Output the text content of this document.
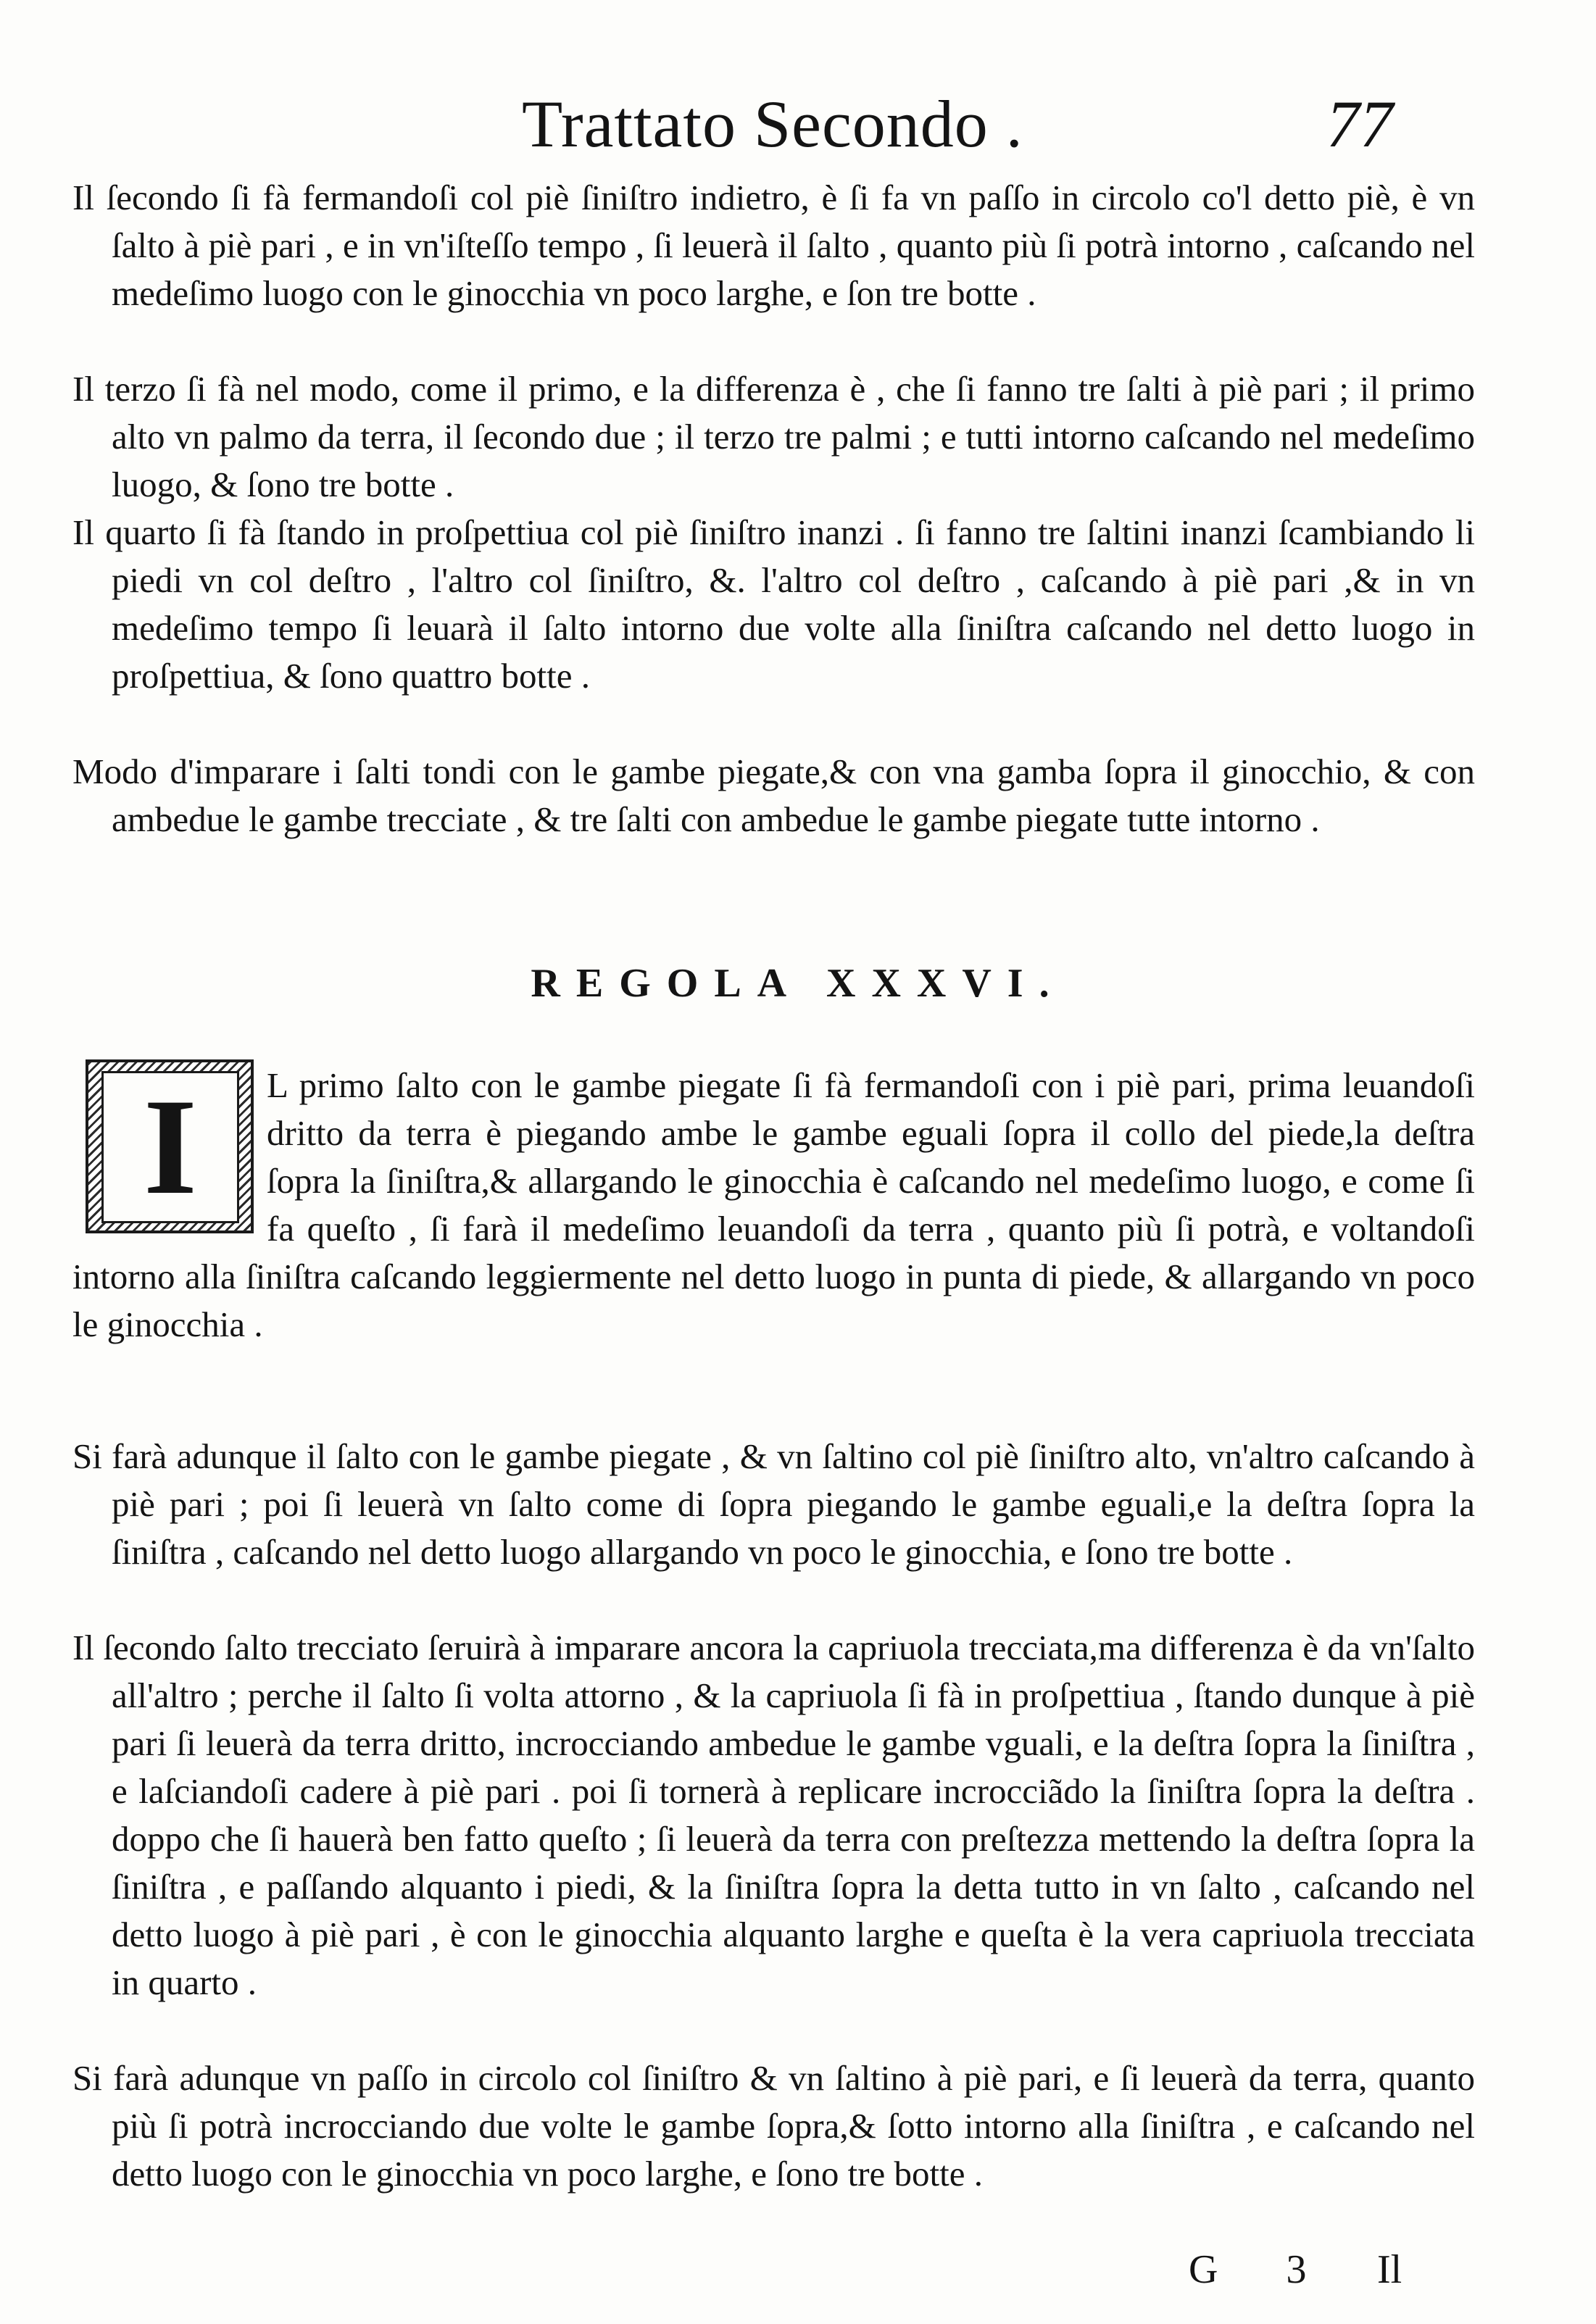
Trattato Secondo .	77

Il ſecondo ſi fà fermandoſi col piè ſiniſtro indietro, è ſi fa vn paſſo in circolo co'l detto piè, è vn ſalto à piè pari , e in vn'iſteſſo tempo , ſi leuerà il ſalto , quanto più ſi potrà intorno , caſcando nel medeſimo luogo con le ginocchia vn poco larghe, e ſon tre botte .

Il terzo ſi fà nel modo, come il primo, e la differenza è , che ſi fanno tre ſalti à piè pari ; il primo alto vn palmo da terra, il ſecondo due ; il terzo tre palmi ; e tutti intorno caſcando nel medeſimo luogo, & ſono tre botte .

Il quarto ſi fà ſtando in proſpettiua col piè ſiniſtro inanzi . ſi fanno tre ſaltini inanzi ſcambiando li piedi vn col deſtro , l'altro col ſiniſtro, &. l'altro col deſtro , caſcando à piè pari ,& in vn medeſimo tempo ſi leuarà il ſalto intorno due volte alla ſiniſtra caſcando nel detto luogo in proſpettiua, & ſono quattro botte .

Modo d'imparare i ſalti tondi con le gambe piegate,& con vna gamba ſopra il ginocchio, & con ambedue le gambe trecciate , & tre ſalti con ambedue le gambe piegate tutte intorno .

REGOLA XXXVI.

L primo ſalto con le gambe piegate ſi fà fermandoſi con i piè pari, prima leuandoſi dritto da terra è piegando ambe le gambe eguali ſopra il collo del piede,la deſtra ſopra la ſiniſtra,& allargando le ginocchia è caſcando nel medeſimo luogo, e come ſi fa queſto , ſi farà il medeſimo leuandoſi da terra , quanto più ſi potrà, e voltandoſi intorno alla ſiniſtra caſcando leggiermente nel detto luogo in punta di piede, & allargando vn poco le ginocchia .

I

Si farà adunque il ſalto con le gambe piegate , & vn ſaltino col piè ſiniſtro alto, vn'altro caſcando à piè pari ; poi ſi leuerà vn ſalto come di ſopra piegando le gambe eguali,e la deſtra ſopra la ſiniſtra , caſcando nel detto luogo allargando vn poco le ginocchia, e ſono tre botte .

Il ſecondo ſalto trecciato ſeruirà à imparare ancora la capriuola trecciata,ma differenza è da vn'ſalto all'altro ; perche il ſalto ſi volta attorno , & la capriuola ſi fà in proſpettiua , ſtando dunque à piè pari ſi leuerà da terra dritto, incrocciando ambedue le gambe vguali, e la deſtra ſopra la ſiniſtra , e laſciandoſi cadere à piè pari . poi ſi tornerà à replicare incrocciãdo la ſiniſtra ſopra la deſtra . doppo che ſi hauerà ben fatto queſto ; ſi leuerà da terra con preſtezza mettendo la deſtra ſopra la ſiniſtra , e paſſando alquanto i piedi, & la ſiniſtra ſopra la detta tutto in vn ſalto , caſcando nel detto luogo à piè pari , è con le ginocchia alquanto larghe e queſta è la vera capriuola trecciata in quarto .

Si farà adunque vn paſſo in circolo col ſiniſtro & vn ſaltino à piè pari, e ſi leuerà da terra, quanto più ſi potrà incrocciando due volte le gambe ſopra,& ſotto intorno alla ſiniſtra , e caſcando nel detto luogo con le ginocchia vn poco larghe, e ſono tre botte .

G 3 Il
